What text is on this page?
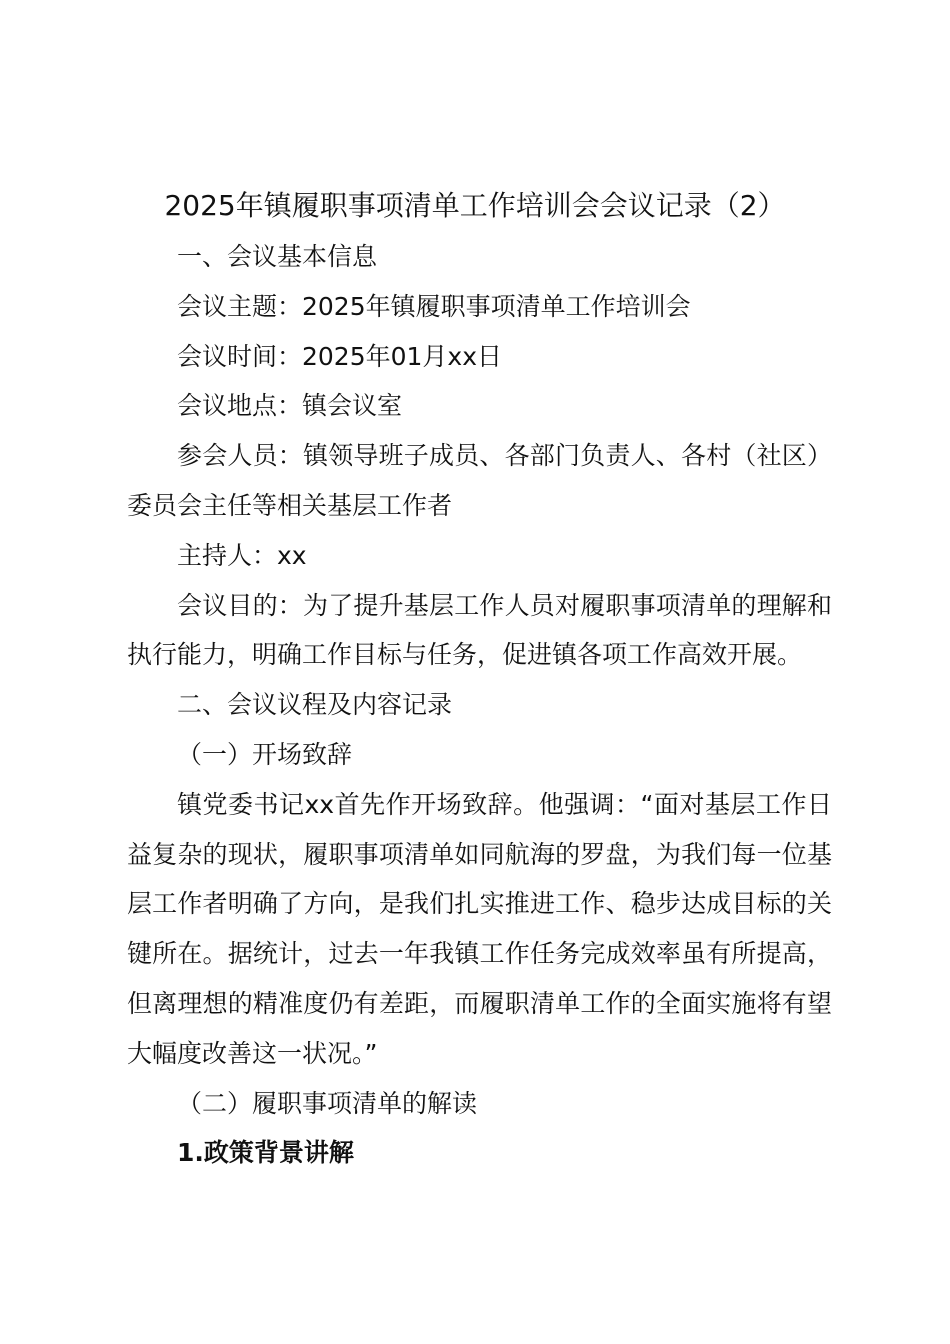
2025年镇履职事项清单工作培训会会议记录（2）

一、会议基本信息

会议主题：2025年镇履职事项清单工作培训会

会议时间：2025年01月xx日

会议地点：镇会议室

参会人员：镇领导班子成员、各部门负责人、各村（社区）委员会主任等相关基层工作者

主持人：xx

会议目的：为了提升基层工作人员对履职事项清单的理解和执行能力，明确工作目标与任务，促进镇各项工作高效开展。

二、会议议程及内容记录

（一）开场致辞

镇党委书记xx首先作开场致辞。他强调：“面对基层工作日益复杂的现状，履职事项清单如同航海的罗盘，为我们每一位基层工作者明确了方向，是我们扎实推进工作、稳步达成目标的关键所在。据统计，过去一年我镇工作任务完成效率虽有所提高，但离理想的精准度仍有差距，而履职清单工作的全面实施将有望大幅度改善这一状况。”

（二）履职事项清单的解读

1.政策背景讲解
